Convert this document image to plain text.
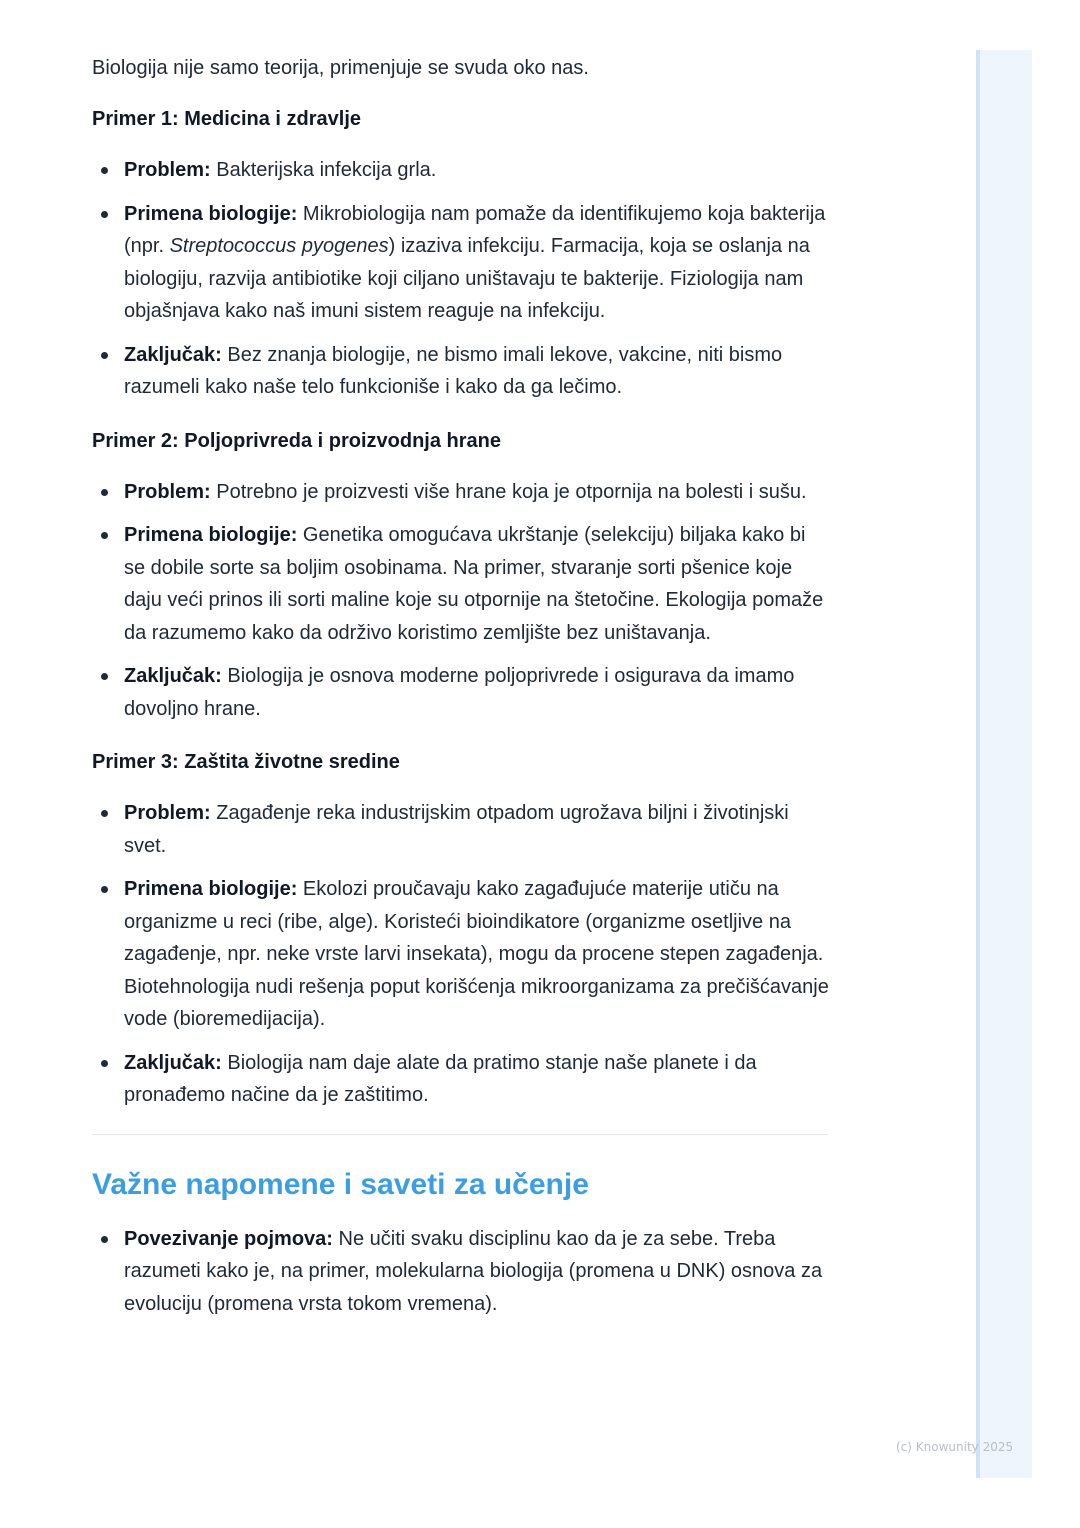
Biologija nije samo teorija, primenjuje se svuda oko nas.

Primer 1: Medicina i zdravlje
Problem: Bakterijska infekcija grla.
Primena biologije: Mikrobiologija nam pomaže da identifikujemo koja bakterija (npr. Streptococcus pyogenes) izaziva infekciju. Farmacija, koja se oslanja na biologiju, razvija antibiotike koji ciljano uništavaju te bakterije. Fiziologija nam objašnjava kako naš imuni sistem reaguje na infekciju.
Zaključak: Bez znanja biologije, ne bismo imali lekove, vakcine, niti bismo razumeli kako naše telo funkcioniše i kako da ga lečimo.
Primer 2: Poljoprivreda i proizvodnja hrane
Problem: Potrebno je proizvesti više hrane koja je otpornija na bolesti i sušu.
Primena biologije: Genetika omogućava ukrštanje (selekciju) biljaka kako bi se dobile sorte sa boljim osobinama. Na primer, stvaranje sorti pšenice koje daju veći prinos ili sorti maline koje su otpornije na štetočine. Ekologija pomaže da razumemo kako da održivo koristimo zemljište bez uništavanja.
Zaključak: Biologija je osnova moderne poljoprivrede i osigurava da imamo dovoljno hrane.
Primer 3: Zaštita životne sredine
Problem: Zagađenje reka industrijskim otpadom ugrožava biljni i životinjski svet.
Primena biologije: Ekolozi proučavaju kako zagađujuće materije utiču na organizme u reci (ribe, alge). Koristeći bioindikatore (organizme osetljive na zagađenje, npr. neke vrste larvi insekata), mogu da procene stepen zagađenja. Biotehnologija nudi rešenja poput korišćenja mikroorganizama za prečišćavanje vode (bioremedijacija).
Zaključak: Biologija nam daje alate da pratimo stanje naše planete i da pronađemo načine da je zaštitimo.
Važne napomene i saveti za učenje
Povezivanje pojmova: Ne učiti svaku disciplinu kao da je za sebe. Treba razumeti kako je, na primer, molekularna biologija (promena u DNK) osnova za evoluciju (promena vrsta tokom vremena).
(c) Knowunity 2025
